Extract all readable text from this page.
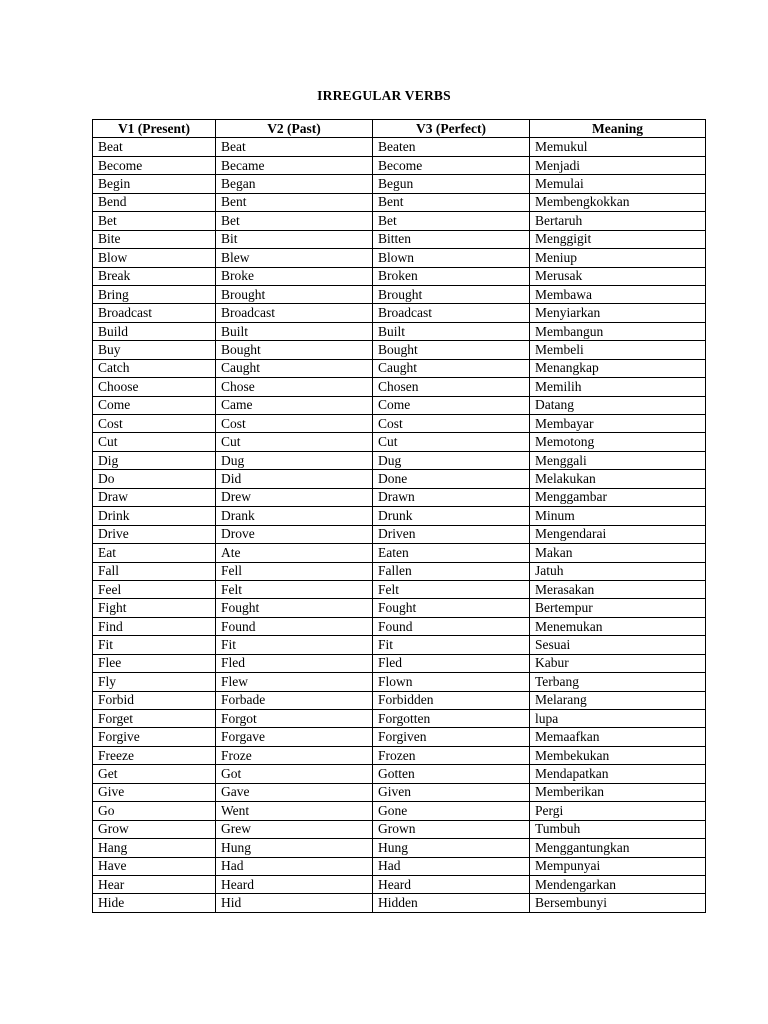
IRREGULAR VERBS
V1 (Present)	V2 (Past)	V3 (Perfect)	Meaning
Beat	Beat	Beaten	Memukul
Become	Became	Become	Menjadi
Begin	Began	Begun	Memulai
Bend	Bent	Bent	Membengkokkan
Bet	Bet	Bet	Bertaruh
Bite	Bit	Bitten	Menggigit
Blow	Blew	Blown	Meniup
Break	Broke	Broken	Merusak
Bring	Brought	Brought	Membawa
Broadcast	Broadcast	Broadcast	Menyiarkan
Build	Built	Built	Membangun
Buy	Bought	Bought	Membeli
Catch	Caught	Caught	Menangkap
Choose	Chose	Chosen	Memilih
Come	Came	Come	Datang
Cost	Cost	Cost	Membayar
Cut	Cut	Cut	Memotong
Dig	Dug	Dug	Menggali
Do	Did	Done	Melakukan
Draw	Drew	Drawn	Menggambar
Drink	Drank	Drunk	Minum
Drive	Drove	Driven	Mengendarai
Eat	Ate	Eaten	Makan
Fall	Fell	Fallen	Jatuh
Feel	Felt	Felt	Merasakan
Fight	Fought	Fought	Bertempur
Find	Found	Found	Menemukan
Fit	Fit	Fit	Sesuai
Flee	Fled	Fled	Kabur
Fly	Flew	Flown	Terbang
Forbid	Forbade	Forbidden	Melarang
Forget	Forgot	Forgotten	lupa
Forgive	Forgave	Forgiven	Memaafkan
Freeze	Froze	Frozen	Membekukan
Get	Got	Gotten	Mendapatkan
Give	Gave	Given	Memberikan
Go	Went	Gone	Pergi
Grow	Grew	Grown	Tumbuh
Hang	Hung	Hung	Menggantungkan
Have	Had	Had	Mempunyai
Hear	Heard	Heard	Mendengarkan
Hide	Hid	Hidden	Bersembunyi
